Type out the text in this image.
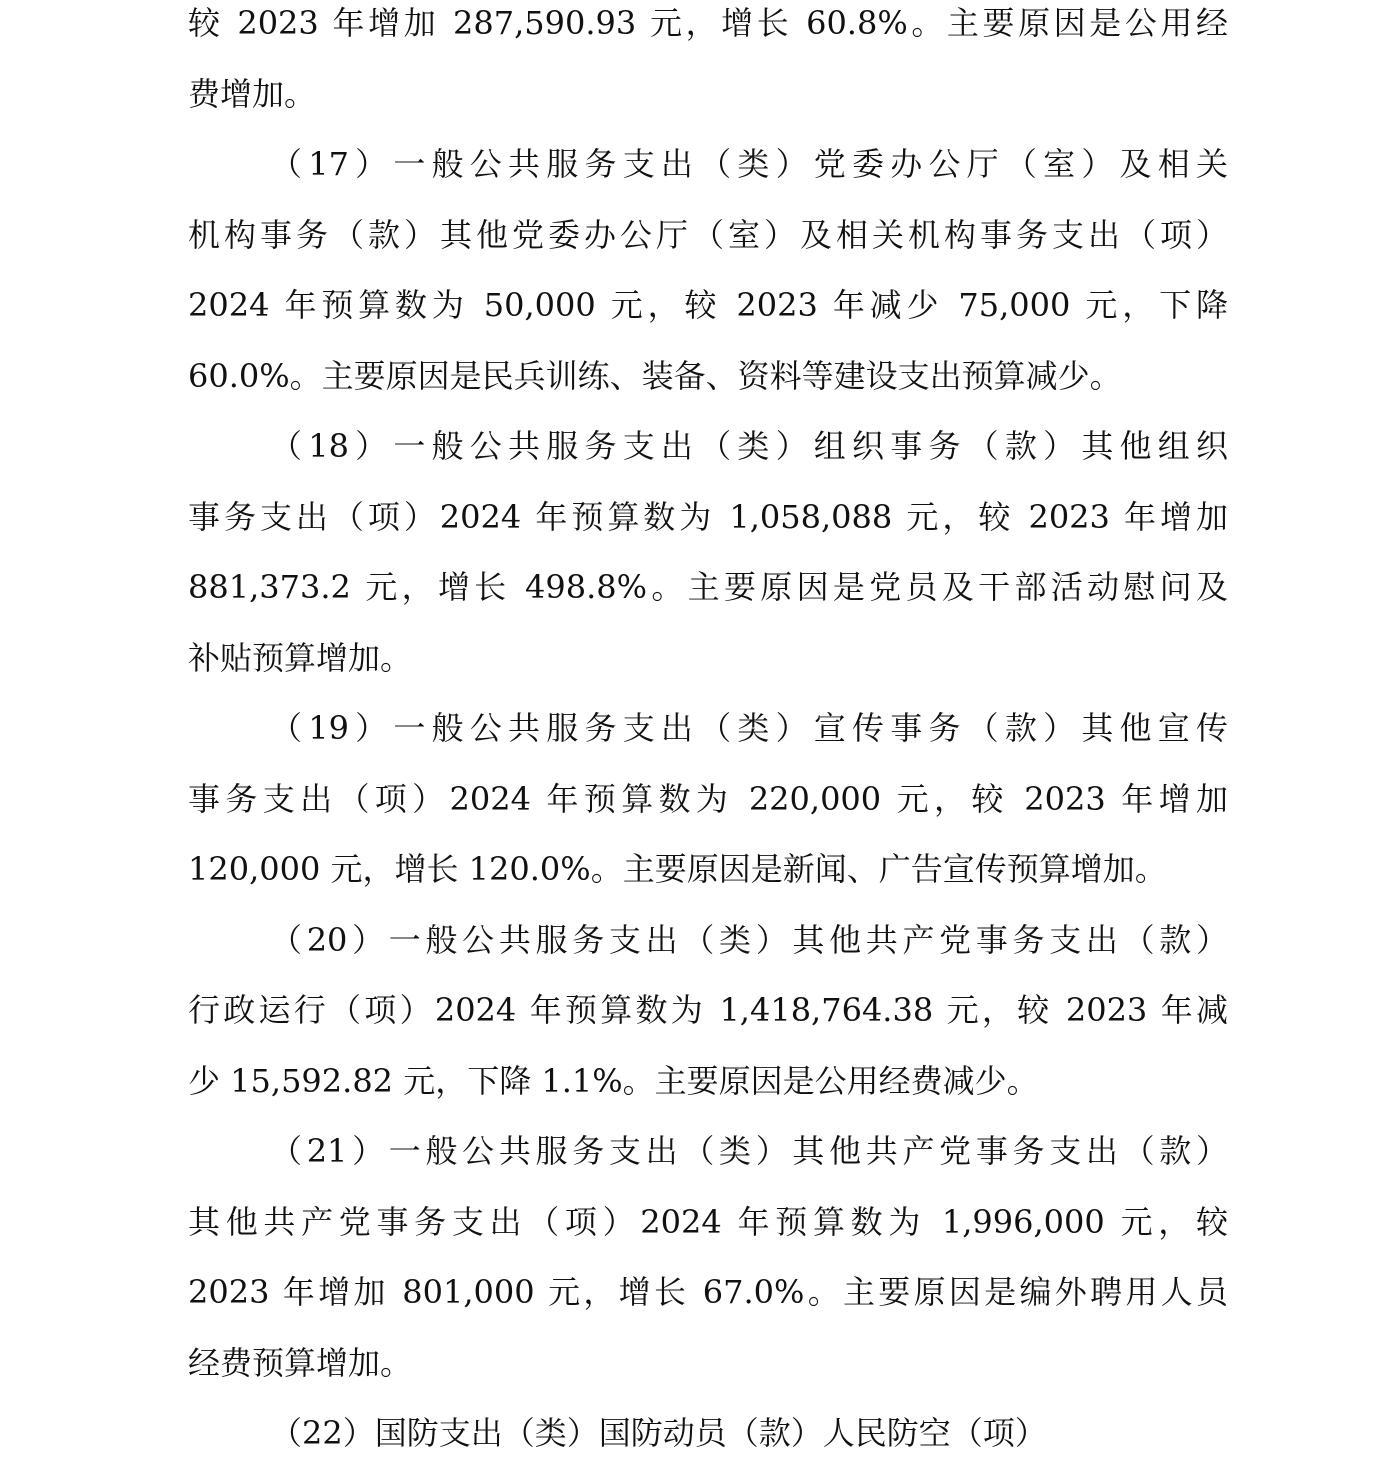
较 2023 年增加 287,590.93 元，增长 60.8%。主要原因是公用经
费增加。
（17）一般公共服务支出（类）党委办公厅（室）及相关
机构事务（款）其他党委办公厅（室）及相关机构事务支出（项）
2024 年预算数为 50,000 元，较 2023 年减少 75,000 元，下降
60.0%。主要原因是民兵训练、装备、资料等建设支出预算减少。
（18）一般公共服务支出（类）组织事务（款）其他组织
事务支出（项）2024 年预算数为 1,058,088 元，较 2023 年增加
881,373.2 元，增长 498.8%。主要原因是党员及干部活动慰问及
补贴预算增加。
（19）一般公共服务支出（类）宣传事务（款）其他宣传
事务支出（项）2024 年预算数为 220,000 元，较 2023 年增加
120,000 元，增长 120.0%。主要原因是新闻、广告宣传预算增加。
（20）一般公共服务支出（类）其他共产党事务支出（款）
行政运行（项）2024 年预算数为 1,418,764.38 元，较 2023 年减
少 15,592.82 元，下降 1.1%。主要原因是公用经费减少。
（21）一般公共服务支出（类）其他共产党事务支出（款）
其他共产党事务支出（项）2024 年预算数为 1,996,000 元，较
2023 年增加 801,000 元，增长 67.0%。主要原因是编外聘用人员
经费预算增加。
（22）国防支出（类）国防动员（款）人民防空（项）
